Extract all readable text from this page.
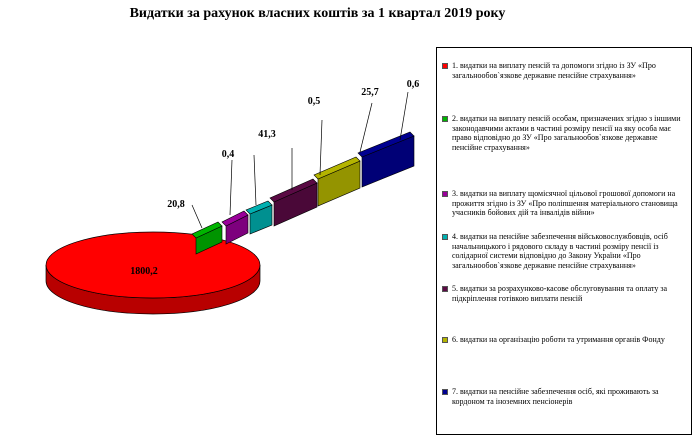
Видатки за рахунок власних коштів за 1 квартал 2019 року
1800,2
20,8
0,4
41,3
0,5
25,7
0,6
1. видатки на виплату пенсій та допомоги згідно із ЗУ «Про загальнообов`язкове державне пенсійне страхування»
2. видатки на виплату пенсій особам, призначених згідно з іншими законодавчими актами в частині розміру пенсії на яку особа має право відповідно до ЗУ «Про загальнообов`язкове державне пенсійне страхування»
3. видатки на виплату щомісячної цільової грошової допомоги на прожиття згідно із ЗУ «Про поліпшення матеріального становища учасників бойових дій та інвалідів війни»
4. видатки на пенсійне забезпечення військовослужбовців, осіб начальницького і рядового складу в частині розміру пенсії із солідарної системи відповідно до Закону України «Про загальнообов`язкове державне пенсійне страхування»
5. видатки за розрахунково-касове обслуговування та оплату за підкріплення готівкою виплати пенсій
6. видатки на організацію роботи та утримання органів Фонду
7. видатки на пенсійне забезпечення осіб, які проживають за кордоном та іноземних пенсіонерів
